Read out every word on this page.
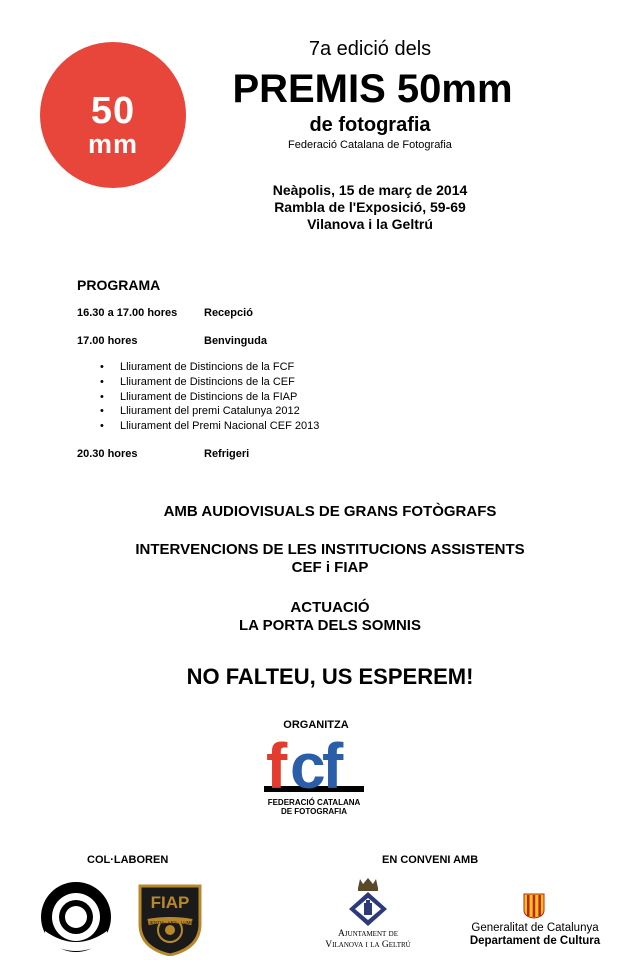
50
mm
7a edició dels
PREMIS 50mm
de fotografia
Federació Catalana de Fotografia
Neàpolis, 15 de març de 2014
Rambla de l'Exposició, 59-69
Vilanova i la Geltrú
PROGRAMA
16.30 a 17.00 hores Recepció
17.00 hores	Benvinguda
• Lliurament de Distincions de la FCF
• Lliurament de Distincions de la CEF
• Lliurament de Distincions de la FIAP
• Lliurament del premi Catalunya 2012
• Lliurament del Premi Nacional CEF 2013
20.30 hores	Refrigeri
AMB AUDIOVISUALS DE GRANS FOTÒGRAFS
INTERVENCIONS DE LES INSTITUCIONS ASSISTENTS
CEF i FIAP
ACTUACIÓ
LA PORTA DELS SOMNIS
NO FALTEU, US ESPEREM!
ORGANITZA
f c
f
FEDERACIÓ CATALANA
DE FOTOGRAFIA
COL·LABOREN	EN CONVENI AMB
FIAP
SCIENTIA · ARS · LUMEN
Ajuntament de
Vilanova i la Geltrú
Generalitat de Catalunya
Departament de Cultura
